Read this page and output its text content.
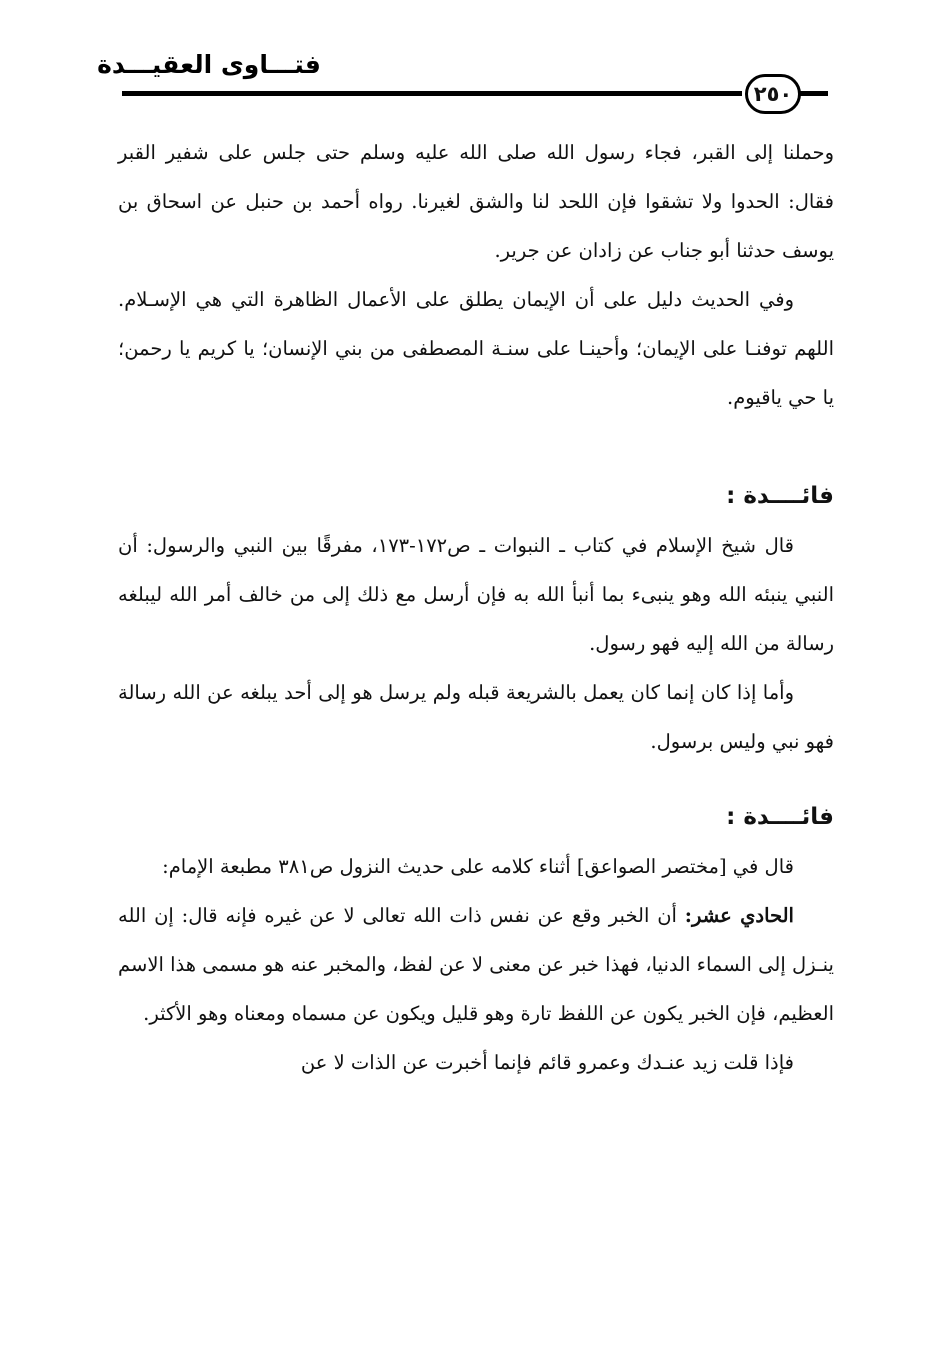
فتـــاوى العقيـــدة
٢٥٠

وحملنا إلى القبر، فجاء رسول الله صلى الله عليه وسلم حتى جلس على شفير القبر فقال: الحدوا ولا تشقوا فإن اللحد لنا والشق لغيرنا. رواه أحمد بن حنبل عن اسحاق بن يوسف حدثنا أبو جناب عن زادان عن جرير.

وفي الحديث دليل على أن الإيمان يطلق على الأعمال الظاهرة التي هي الإسـلام. اللهم توفنـا على الإيمان؛ وأحينـا على سنـة المصطفى من بني الإنسان؛ يا كريم يا رحمن؛ يا حي ياقيوم.

فائــــدة :

قال شيخ الإسلام في كتاب ـ النبوات ـ ص١٧٢-١٧٣، مفرقًا بين النبي والرسول: أن النبي ينبئه الله وهو ينبىء بما أنبأ الله به فإن أرسل مع ذلك إلى من خالف أمر الله ليبلغه رسالة من الله إليه فهو رسول.

وأما إذا كان إنما كان يعمل بالشريعة قبله ولم يرسل هو إلى أحد يبلغه عن الله رسالة فهو نبي وليس برسول.

فائــــدة :

قال في [مختصر الصواعق] أثناء كلامه على حديث النزول ص٣٨١ مطبعة الإمام:

الحادي عشر: أن الخبر وقع عن نفس ذات الله تعالى لا عن غيره فإنه قال: إن الله ينـزل إلى السماء الدنيا، فهذا خبر عن معنى لا عن لفظ، والمخبر عنه هو مسمى هذا الاسم العظيم، فإن الخبر يكون عن اللفظ تارة وهو قليل ويكون عن مسماه ومعناه وهو الأكثر.

فإذا قلت زيد عنـدك وعمرو قائم فإنما أخبرت عن الذات لا عن
